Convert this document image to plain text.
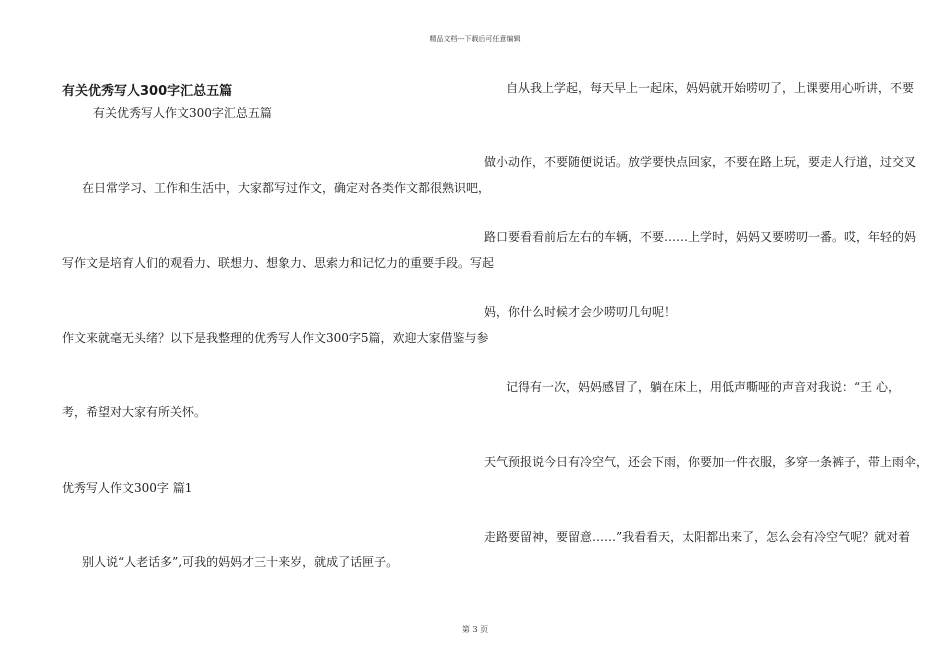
精品文档---下载后可任意编辑
有关优秀写人300字汇总五篇
有关优秀写人作文300字汇总五篇
在日常学习、工作和生活中，大家都写过作文，确定对各类作文都很熟识吧，
写作文是培育人们的观看力、联想力、想象力、思索力和记忆力的重要手段。写起
作文来就毫无头绪？以下是我整理的优秀写人作文300字5篇，欢迎大家借鉴与参
考，希望对大家有所关怀。
优秀写人作文300字 篇1
别人说“人老话多”,可我的妈妈才三十来岁，就成了话匣子。
自从我上学起，每天早上一起床，妈妈就开始唠叨了，上课要用心听讲，不要
做小动作，不要随便说话。放学要快点回家，不要在路上玩，要走人行道，过交叉
路口要看看前后左右的车辆，不要……上学时，妈妈又要唠叨一番。哎，年轻的妈
妈，你什么时候才会少唠叨几句呢！
记得有一次，妈妈感冒了，躺在床上，用低声嘶哑的声音对我说：“王 心，
天气预报说今日有冷空气，还会下雨，你要加一件衣服，多穿一条裤子，带上雨伞，
走路要留神，要留意……”我看看天，太阳都出来了，怎么会有冷空气呢？就对着
第 3 页
